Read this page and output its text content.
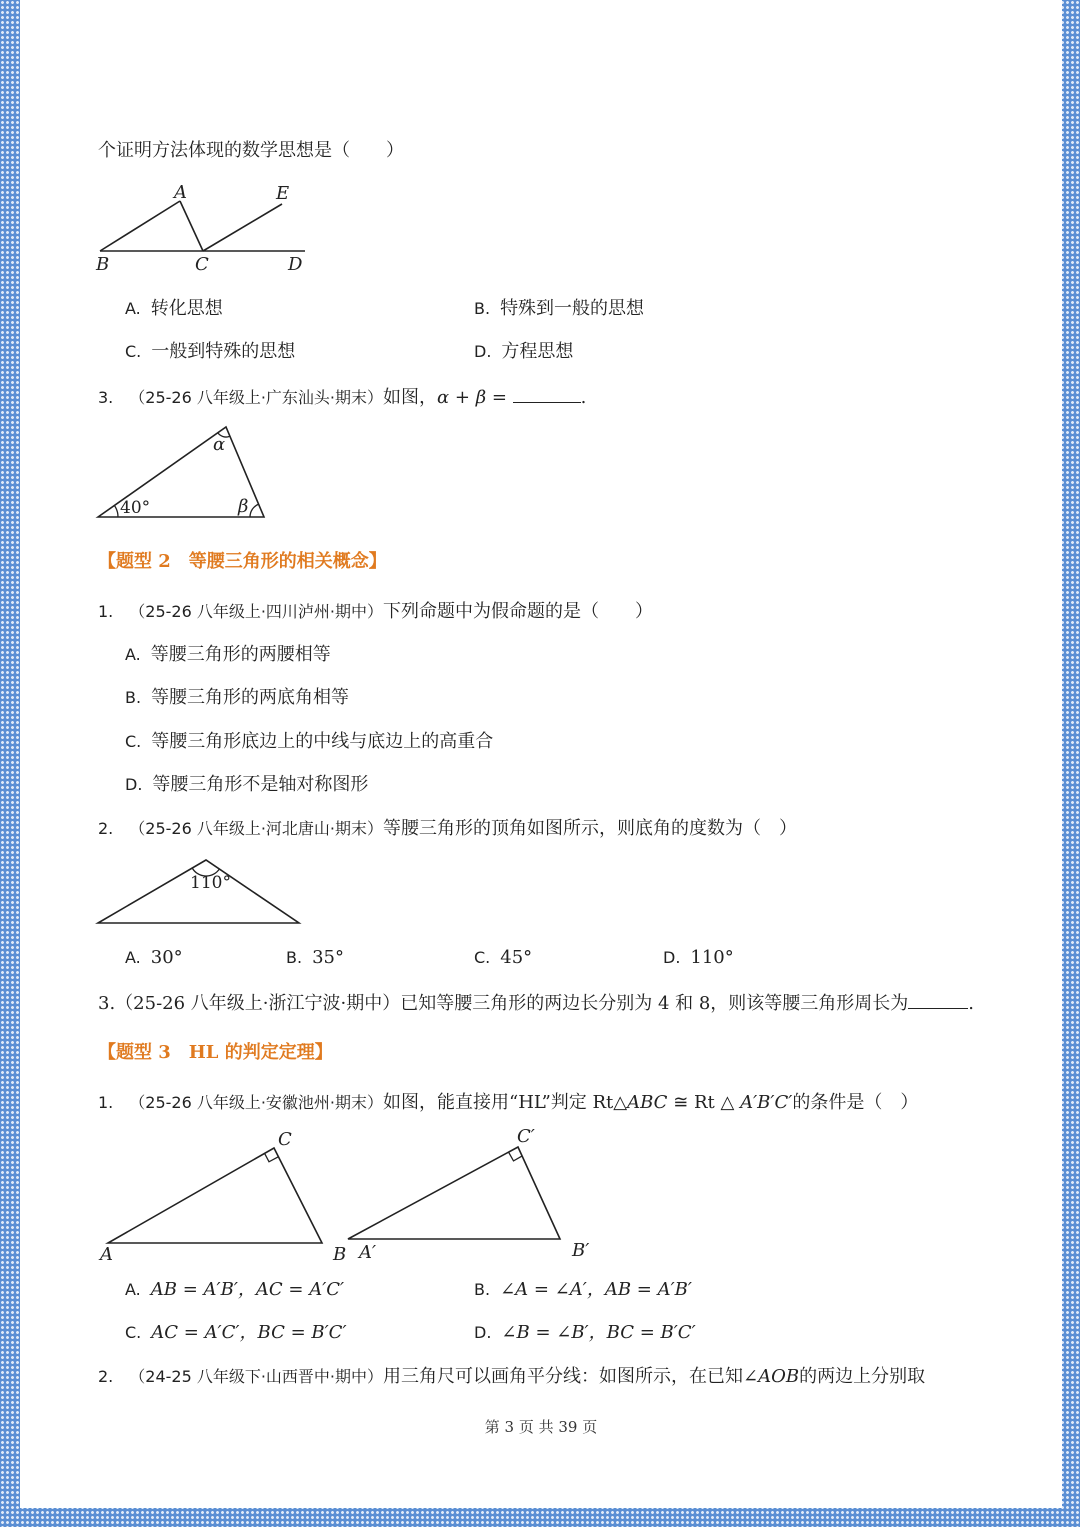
个证明方法体现的数学思想是（　　）
A	E
B	C	D
A. 转化思想	B. 特殊到一般的思想
C. 一般到特殊的思想	D. 方程思想
3. （25-26 八年级上·广东汕头·期末）如图，α + β =	.
α
β
40°
【题型 2 等腰三角形的相关概念】
1. （25-26 八年级上·四川泸州·期中）下列命题中为假命题的是（　　）
A. 等腰三角形的两腰相等
B. 等腰三角形的两底角相等
C. 等腰三角形底边上的中线与底边上的高重合
D. 等腰三角形不是轴对称图形
2. （25-26 八年级上·河北唐山·期末）等腰三角形的顶角如图所示，则底角的度数为（　）
110°
A. 30°	B. 35°	C. 45°	D. 110°
3.（25-26 八年级上·浙江宁波·期中）已知等腰三角形的两边长分别为 4 和 8，则该等腰三角形周长为	.
【题型 3 HL 的判定定理】
1. （25-26 八年级上·安徽池州·期末）如图，能直接用“HL”判定 Rt△ABC ≅ Rt △ A′B′C′的条件是（　）
A	B
C
A′	B′
C′
A. AB = A′B′，AC = A′C′	B. ∠A = ∠A′，AB = A′B′
C. AC = A′C′，BC = B′C′	D. ∠B = ∠B′，BC = B′C′
2. （24-25 八年级下·山西晋中·期中）用三角尺可以画角平分线：如图所示，在已知∠AOB的两边上分别取
第 3 页 共 39 页
